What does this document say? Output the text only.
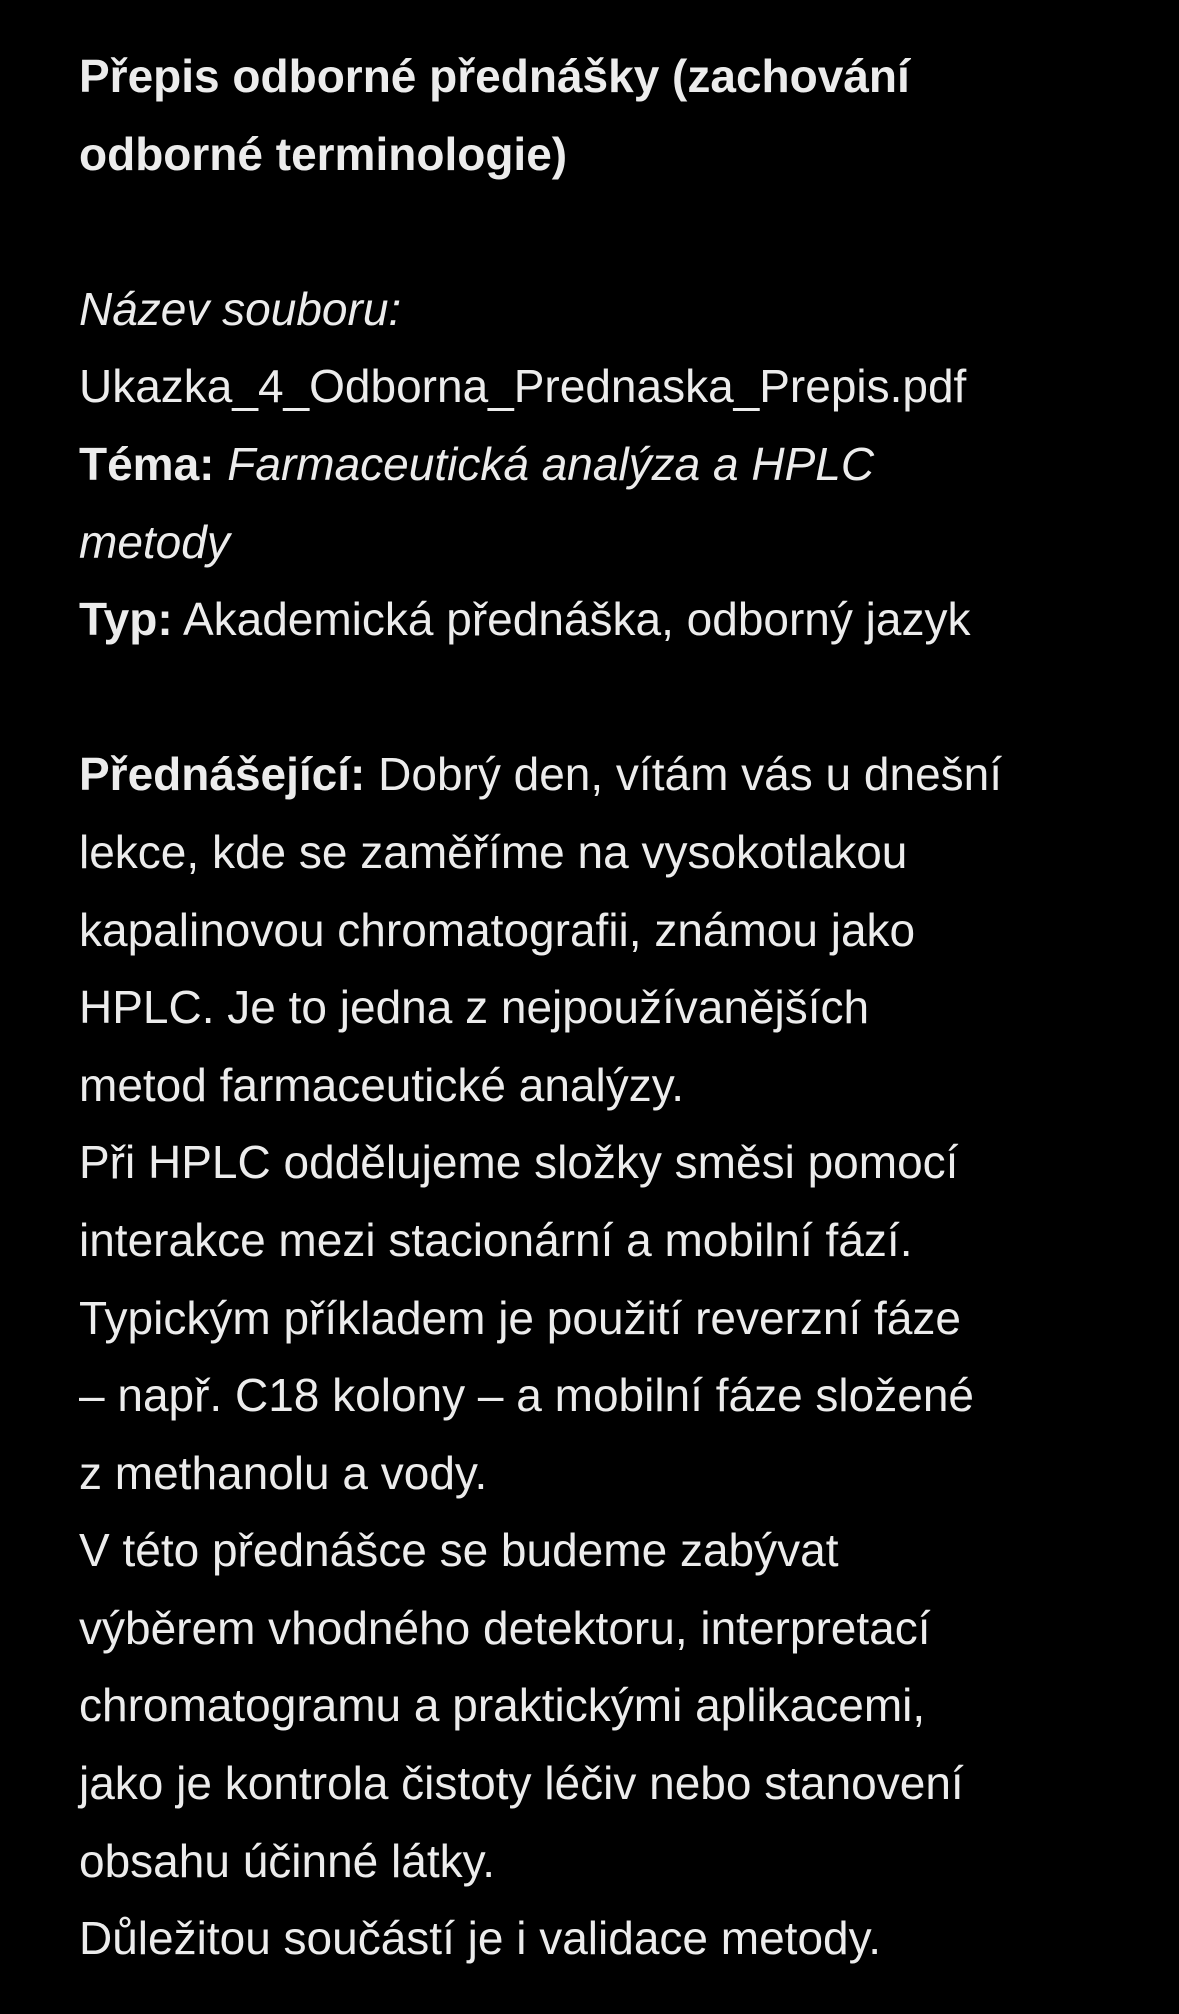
Přepis odborné přednášky (zachování
odborné terminologie)
Název souboru:
Ukazka_4_Odborna_Prednaska_Prepis.pdf
Téma: Farmaceutická analýza a HPLC
metody
Typ: Akademická přednáška, odborný jazyk
Přednášející: Dobrý den, vítám vás u dnešní
lekce, kde se zaměříme na vysokotlakou
kapalinovou chromatografii, známou jako
HPLC. Je to jedna z nejpoužívanějších
metod farmaceutické analýzy.
Při HPLC oddělujeme složky směsi pomocí
interakce mezi stacionární a mobilní fází.
Typickým příkladem je použití reverzní fáze
– např. C18 kolony – a mobilní fáze složené
z methanolu a vody.
V této přednášce se budeme zabývat
výběrem vhodného detektoru, interpretací
chromatogramu a praktickými aplikacemi,
jako je kontrola čistoty léčiv nebo stanovení
obsahu účinné látky.
Důležitou součástí je i validace metody.
